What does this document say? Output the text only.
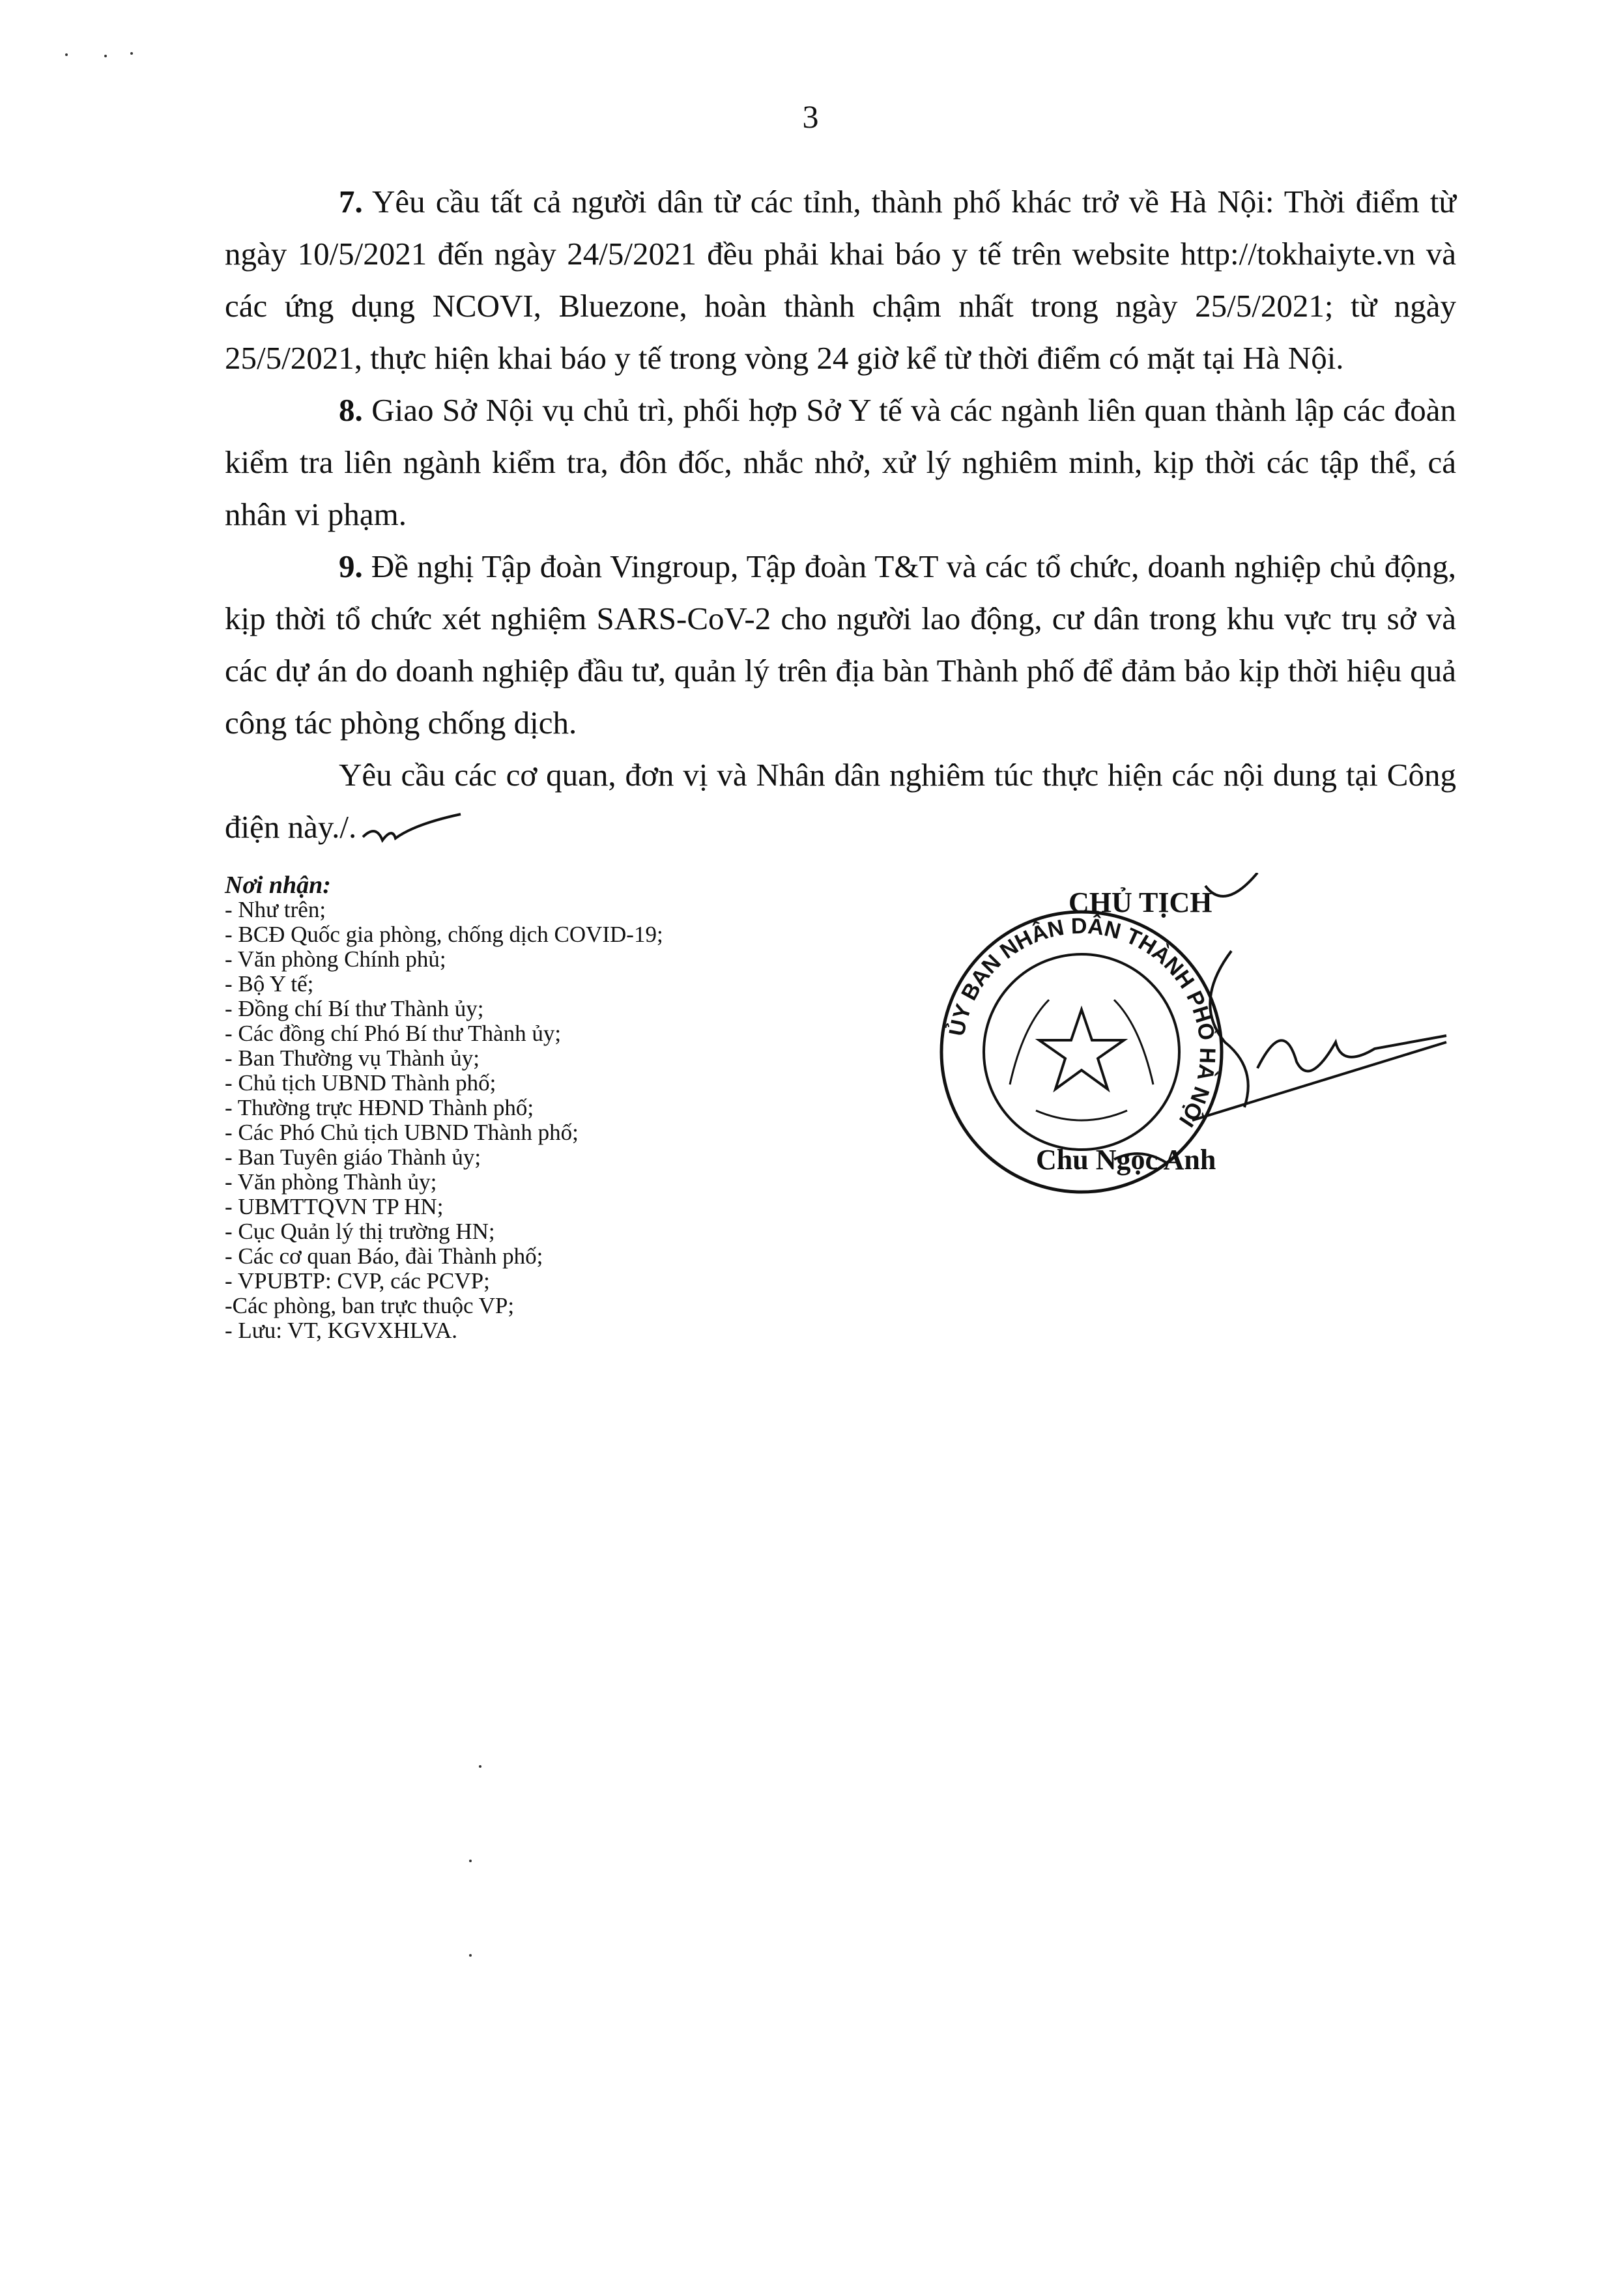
3

7. Yêu cầu tất cả người dân từ các tỉnh, thành phố khác trở về Hà Nội: Thời điểm từ ngày 10/5/2021 đến ngày 24/5/2021 đều phải khai báo y tế trên website http://tokhaiyte.vn và các ứng dụng NCOVI, Bluezone, hoàn thành chậm nhất trong ngày 25/5/2021; từ ngày 25/5/2021, thực hiện khai báo y tế trong vòng 24 giờ kể từ thời điểm có mặt tại Hà Nội.

8. Giao Sở Nội vụ chủ trì, phối hợp Sở Y tế và các ngành liên quan thành lập các đoàn kiểm tra liên ngành kiểm tra, đôn đốc, nhắc nhở, xử lý nghiêm minh, kịp thời các tập thể, cá nhân vi phạm.

9. Đề nghị Tập đoàn Vingroup, Tập đoàn T&T và các tổ chức, doanh nghiệp chủ động, kịp thời tổ chức xét nghiệm SARS-CoV-2 cho người lao động, cư dân trong khu vực trụ sở và các dự án do doanh nghiệp đầu tư, quản lý trên địa bàn Thành phố để đảm bảo kịp thời hiệu quả công tác phòng chống dịch.

Yêu cầu các cơ quan, đơn vị và Nhân dân nghiêm túc thực hiện các nội dung tại Công điện này./.

Nơi nhận:
- Như trên;
- BCĐ Quốc gia phòng, chống dịch COVID-19;
- Văn phòng Chính phủ;
- Bộ Y tế;
- Đồng chí Bí thư Thành ủy;
- Các đồng chí Phó Bí thư Thành ủy;
- Ban Thường vụ Thành ủy;
- Chủ tịch UBND Thành phố;
- Thường trực HĐND Thành phố;
- Các Phó Chủ tịch UBND Thành phố;
- Ban Tuyên giáo Thành ủy;
- Văn phòng Thành ủy;
- UBMTTQVN TP HN;
- Cục Quản lý thị trường HN;
- Các cơ quan Báo, đài Thành phố;
- VPUBTP: CVP, các PCVP;
-Các phòng, ban trực thuộc VP;
- Lưu: VT, KGVXHLVA.
ỦY BAN NHÂN DÂN THÀNH PHỐ HÀ NỘI
CHỦ TỊCH
Chu Ngọc Anh
